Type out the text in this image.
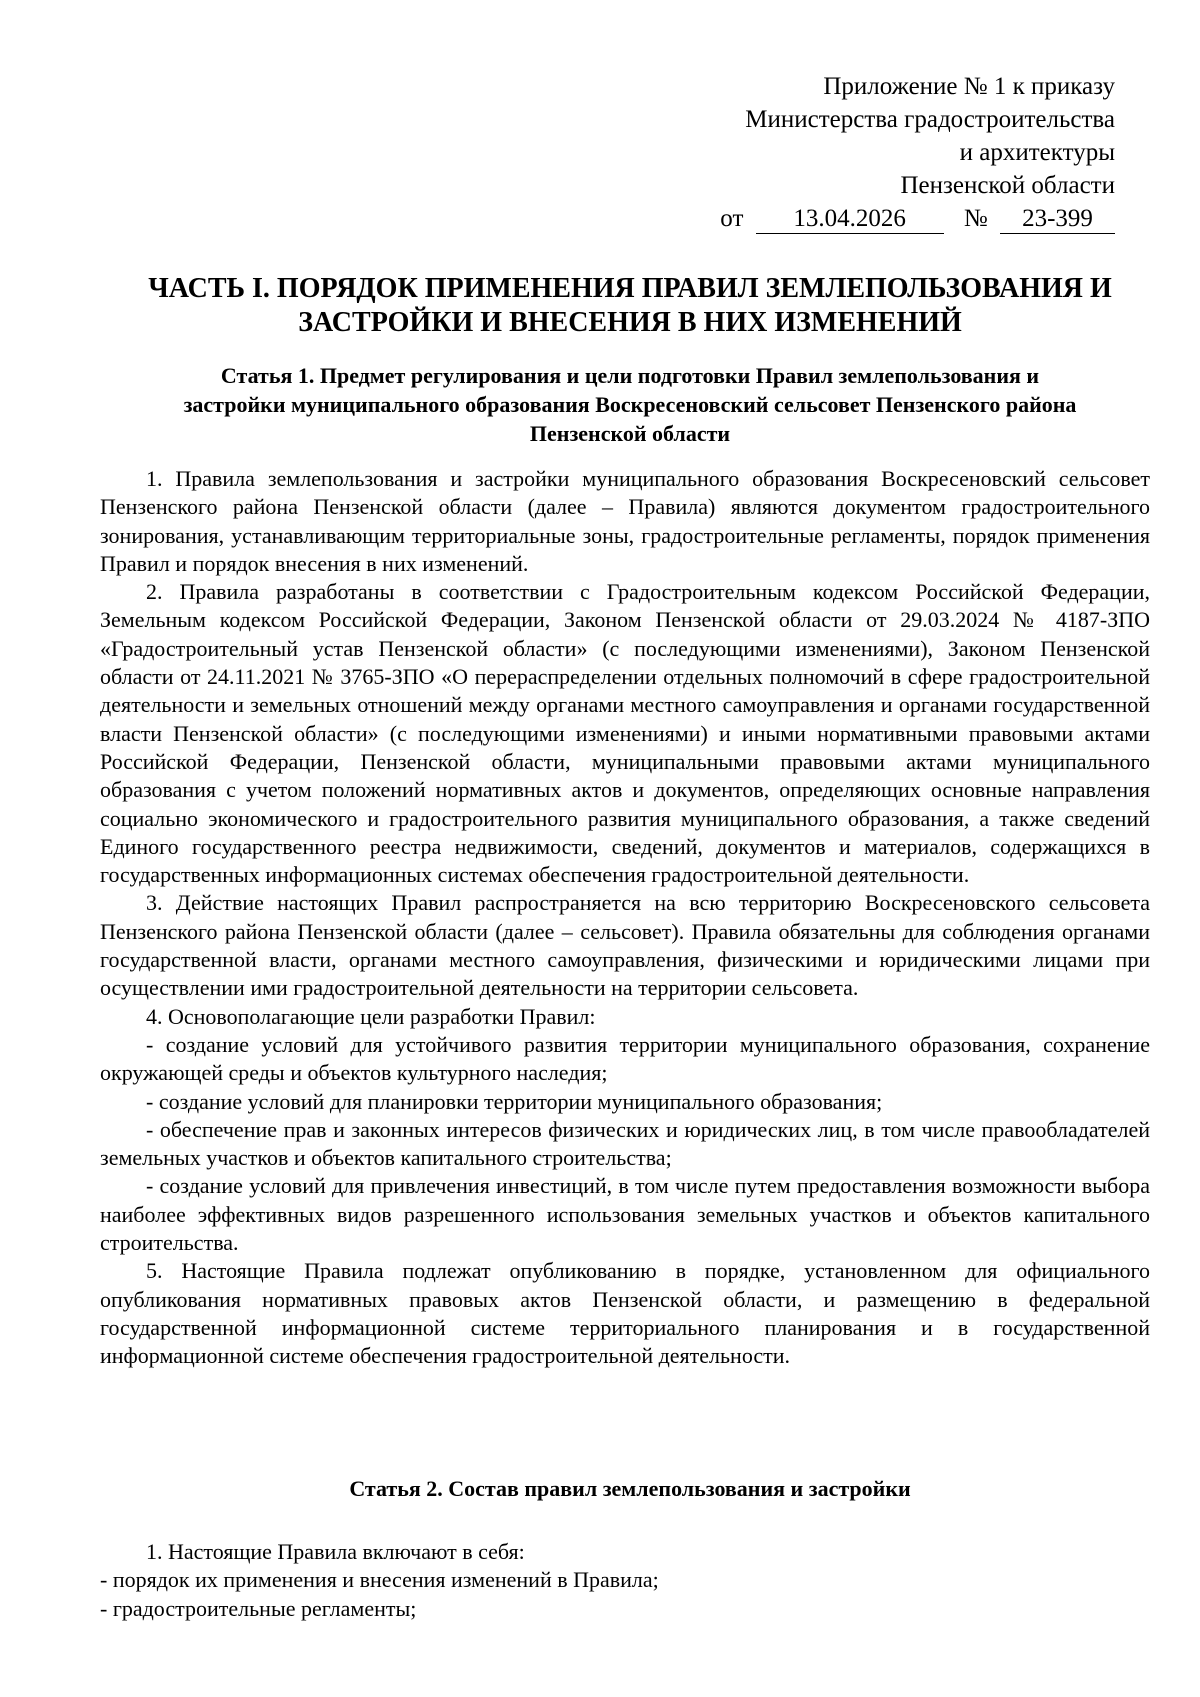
Приложение № 1 к приказу
Министерства градостроительства
и архитектуры
Пензенской области
от 13.04.2026 № 23-399
ЧАСТЬ I. ПОРЯДОК ПРИМЕНЕНИЯ ПРАВИЛ ЗЕМЛЕПОЛЬЗОВАНИЯ И
ЗАСТРОЙКИ И ВНЕСЕНИЯ В НИХ ИЗМЕНЕНИЙ
Статья 1. Предмет регулирования и цели подготовки Правил землепользования и
застройки муниципального образования Воскресеновский сельсовет Пензенского района
Пензенской области

1. Правила землепользования и застройки муниципального образования Воскресеновский сельсовет Пензенского района Пензенской области (далее – Правила) являются документом градостроительного зонирования, устанавливающим территориальные зоны, градостроительные регламенты, порядок применения Правил и порядок внесения в них изменений.

2. Правила разработаны в соответствии с Градостроительным кодексом Российской Федерации, Земельным кодексом Российской Федерации, Законом Пензенской области от 29.03.2024 № 4187-ЗПО «Градостроительный устав Пензенской области» (с последующими изменениями), Законом Пензенской области от 24.11.2021 № 3765-ЗПО «О перераспределении отдельных полномочий в сфере градостроительной деятельности и земельных отношений между органами местного самоуправления и органами государственной власти Пензенской области» (с последующими изменениями) и иными нормативными правовыми актами Российской Федерации, Пензенской области, муниципальными правовыми актами муниципального образования с учетом положений нормативных актов и документов, определяющих основные направления социально экономического и градостроительного развития муниципального образования, а также сведений Единого государственного реестра недвижимости, сведений, документов и материалов, содержащихся в государственных информационных системах обеспечения градостроительной деятельности.

3. Действие настоящих Правил распространяется на всю территорию Воскресеновского сельсовета Пензенского района Пензенской области (далее – сельсовет). Правила обязательны для соблюдения органами государственной власти, органами местного самоуправления, физическими и юридическими лицами при осуществлении ими градостроительной деятельности на территории сельсовета.

4. Основополагающие цели разработки Правил:

- создание условий для устойчивого развития территории муниципального образования, сохранение окружающей среды и объектов культурного наследия;

- создание условий для планировки территории муниципального образования;

- обеспечение прав и законных интересов физических и юридических лиц, в том числе правообладателей земельных участков и объектов капитального строительства;

- создание условий для привлечения инвестиций, в том числе путем предоставления возможности выбора наиболее эффективных видов разрешенного использования земельных участков и объектов капитального строительства.

5. Настоящие Правила подлежат опубликованию в порядке, установленном для официального опубликования нормативных правовых актов Пензенской области, и размещению в федеральной государственной информационной системе территориального планирования и в государственной информационной системе обеспечения градостроительной деятельности.

Статья 2. Состав правил землепользования и застройки

1. Настоящие Правила включают в себя:

- порядок их применения и внесения изменений в Правила;

- градостроительные регламенты;
